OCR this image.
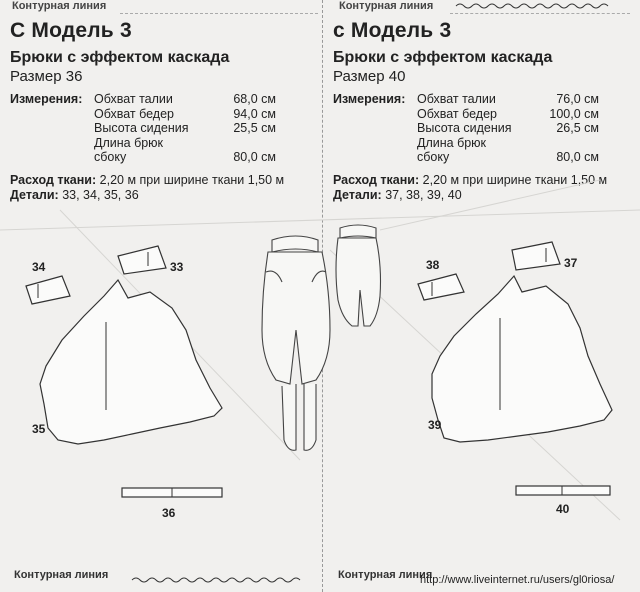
Контурная линия	Контурная линия
С Модель 3
Брюки с эффектом каскада
Размер 36
Измерения:	Обхват талии	68,0 см
	Обхват бедер	94,0 см
	Высота сидения	25,5 см
	Длина брюк	
	сбоку	80,0 см
Расход ткани: 2,20 м при ширине ткани 1,50 м
Детали: 33, 34, 35, 36
с Модель 3
Брюки с эффектом каскада
Размер 40
Измерения:	Обхват талии	76,0 см
	Обхват бедер	100,0 см
	Высота сидения	26,5 см
	Длина брюк	
	сбоку	80,0 см
Расход ткани: 2,20 м при ширине ткани 1,50 м
Детали: 37, 38, 39, 40
34	33
35
36
38	37
39
40
Контурная линия	Контурная линия
http://www.liveinternet.ru/users/gl0riosa/
